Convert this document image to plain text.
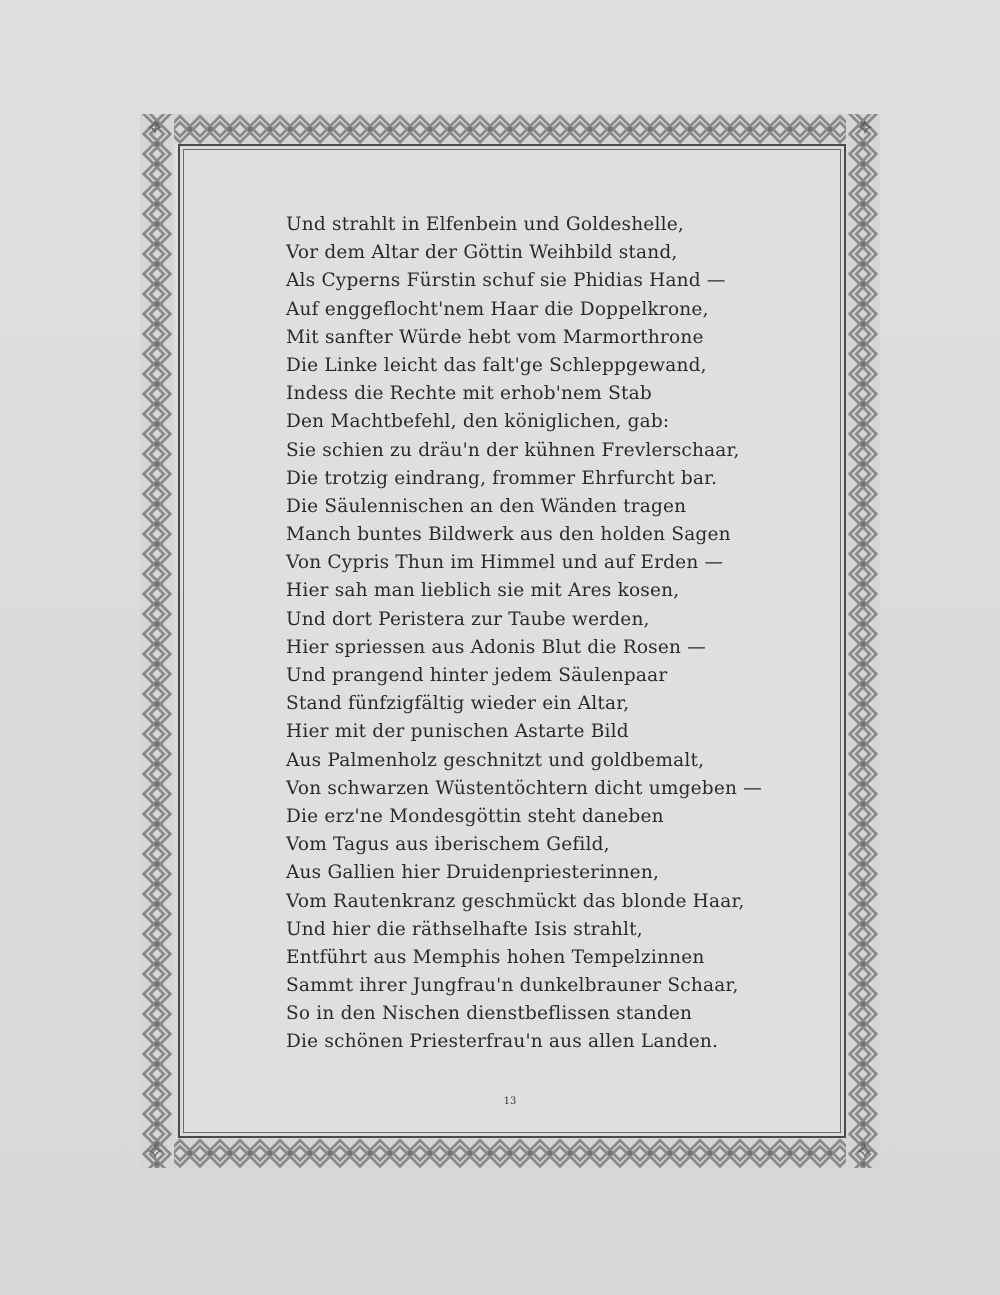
✧	✧
✧	✧
Und strahlt in Elfenbein und Goldeshelle,
Vor dem Altar der Göttin Weihbild stand,
Als Cyperns Fürstin schuf sie Phidias Hand —
Auf enggeflocht'nem Haar die Doppelkrone,
Mit sanfter Würde hebt vom Marmorthrone
Die Linke leicht das falt'ge Schleppgewand,
Indess die Rechte mit erhob'nem Stab
Den Machtbefehl, den königlichen, gab:
Sie schien zu dräu'n der kühnen Frevlerschaar,
Die trotzig eindrang, frommer Ehrfurcht bar.
Die Säulennischen an den Wänden tragen
Manch buntes Bildwerk aus den holden Sagen
Von Cypris Thun im Himmel und auf Erden —
Hier sah man lieblich sie mit Ares kosen,
Und dort Peristera zur Taube werden,
Hier spriessen aus Adonis Blut die Rosen —
Und prangend hinter jedem Säulenpaar
Stand fünfzigfältig wieder ein Altar,
Hier mit der punischen Astarte Bild
Aus Palmenholz geschnitzt und goldbemalt,
Von schwarzen Wüstentöchtern dicht umgeben —
Die erz'ne Mondesgöttin steht daneben
Vom Tagus aus iberischem Gefild,
Aus Gallien hier Druidenpriesterinnen,
Vom Rautenkranz geschmückt das blonde Haar,
Und hier die räthselhafte Isis strahlt,
Entführt aus Memphis hohen Tempelzinnen
Sammt ihrer Jungfrau'n dunkelbrauner Schaar,
So in den Nischen dienstbeflissen standen
Die schönen Priesterfrau'n aus allen Landen.
13
